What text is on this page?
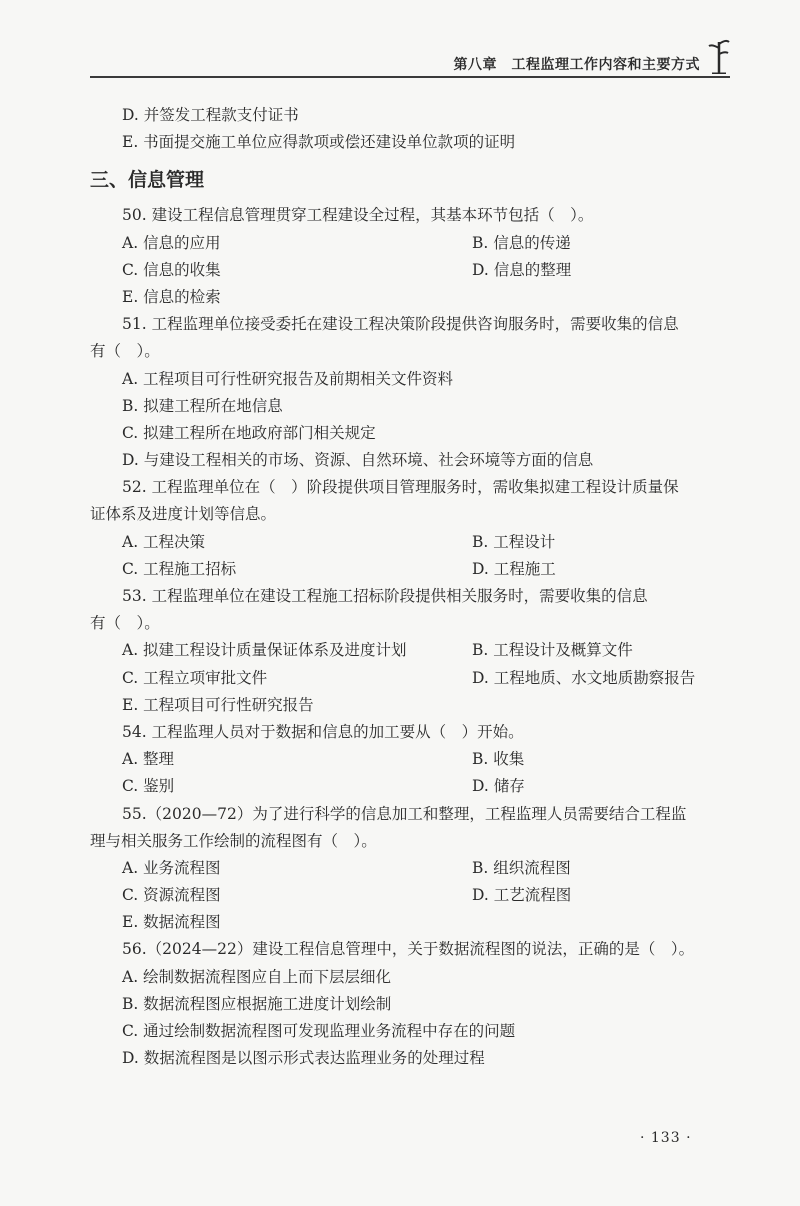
第八章　工程监理工作内容和主要方式
D. 并签发工程款支付证书
E. 书面提交施工单位应得款项或偿还建设单位款项的证明
三、信息管理
50. 建设工程信息管理贯穿工程建设全过程，其基本环节包括（　）。
A. 信息的应用	B. 信息的传递
C. 信息的收集	D. 信息的整理
E. 信息的检索
51. 工程监理单位接受委托在建设工程决策阶段提供咨询服务时，需要收集的信息
有（　）。
A. 工程项目可行性研究报告及前期相关文件资料
B. 拟建工程所在地信息
C. 拟建工程所在地政府部门相关规定
D. 与建设工程相关的市场、资源、自然环境、社会环境等方面的信息
52. 工程监理单位在（　）阶段提供项目管理服务时，需收集拟建工程设计质量保
证体系及进度计划等信息。
A. 工程决策	B. 工程设计
C. 工程施工招标	D. 工程施工
53. 工程监理单位在建设工程施工招标阶段提供相关服务时，需要收集的信息
有（　）。
A. 拟建工程设计质量保证体系及进度计划	B. 工程设计及概算文件
C. 工程立项审批文件	D. 工程地质、水文地质勘察报告
E. 工程项目可行性研究报告
54. 工程监理人员对于数据和信息的加工要从（　）开始。
A. 整理	B. 收集
C. 鉴别	D. 储存
55.（2020—72）为了进行科学的信息加工和整理，工程监理人员需要结合工程监
理与相关服务工作绘制的流程图有（　）。
A. 业务流程图	B. 组织流程图
C. 资源流程图	D. 工艺流程图
E. 数据流程图
56.（2024—22）建设工程信息管理中，关于数据流程图的说法，正确的是（　）。
A. 绘制数据流程图应自上而下层层细化
B. 数据流程图应根据施工进度计划绘制
C. 通过绘制数据流程图可发现监理业务流程中存在的问题
D. 数据流程图是以图示形式表达监理业务的处理过程
· 133 ·
